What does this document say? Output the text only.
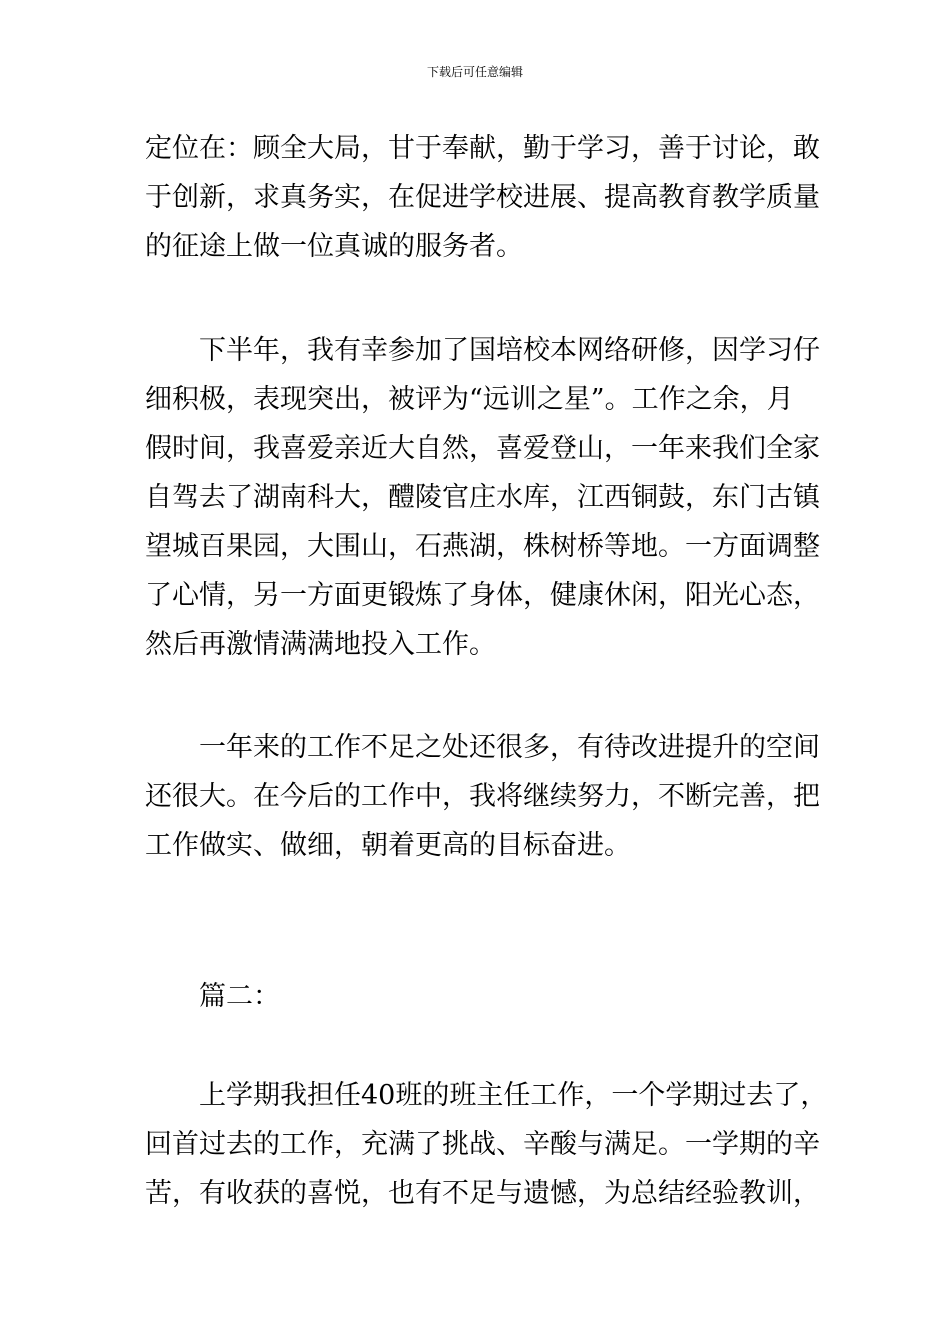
下载后可任意编辑
定位在：顾全大局，甘于奉献，勤于学习，善于讨论，敢
于创新，求真务实，在促进学校进展、提高教育教学质量
的征途上做一位真诚的服务者。
下半年，我有幸参加了国培校本网络研修，因学习仔
细积极，表现突出，被评为“远训之星”。工作之余，月
假时间，我喜爱亲近大自然，喜爱登山，一年来我们全家
自驾去了湖南科大，醴陵官庄水库，江西铜鼓，东门古镇
望城百果园，大围山，石燕湖，株树桥等地。一方面调整
了心情，另一方面更锻炼了身体，健康休闲，阳光心态，
然后再激情满满地投入工作。
一年来的工作不足之处还很多，有待改进提升的空间
还很大。在今后的工作中，我将继续努力，不断完善，把
工作做实、做细，朝着更高的目标奋进。
篇二：
上学期我担任40班的班主任工作，一个学期过去了，
回首过去的工作，充满了挑战、辛酸与满足。一学期的辛
苦，有收获的喜悦，也有不足与遗憾，为总结经验教训，
